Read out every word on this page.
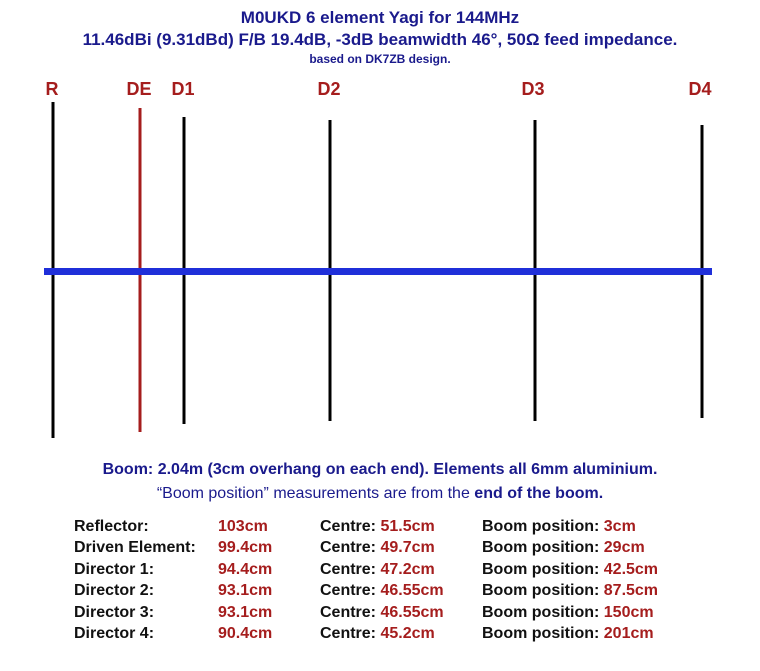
M0UKD 6 element Yagi for 144MHz
11.46dBi (9.31dBd) F/B 19.4dB, -3dB beamwidth 46°, 50Ω feed impedance.
based on DK7ZB design.
R	DE D1	D2	D3	D4
Boom: 2.04m (3cm overhang on each end). Elements all 6mm aluminium.
“Boom position” measurements are from the end of the boom.
Reflector:	103cm	Centre: 51.5cm	Boom position: 3cm
Driven Element:	99.4cm	Centre: 49.7cm	Boom position: 29cm
Director 1:	94.4cm	Centre: 47.2cm	Boom position: 42.5cm
Director 2:	93.1cm	Centre: 46.55cm	Boom position: 87.5cm
Director 3:	93.1cm	Centre: 46.55cm	Boom position: 150cm
Director 4:	90.4cm	Centre: 45.2cm	Boom position: 201cm
